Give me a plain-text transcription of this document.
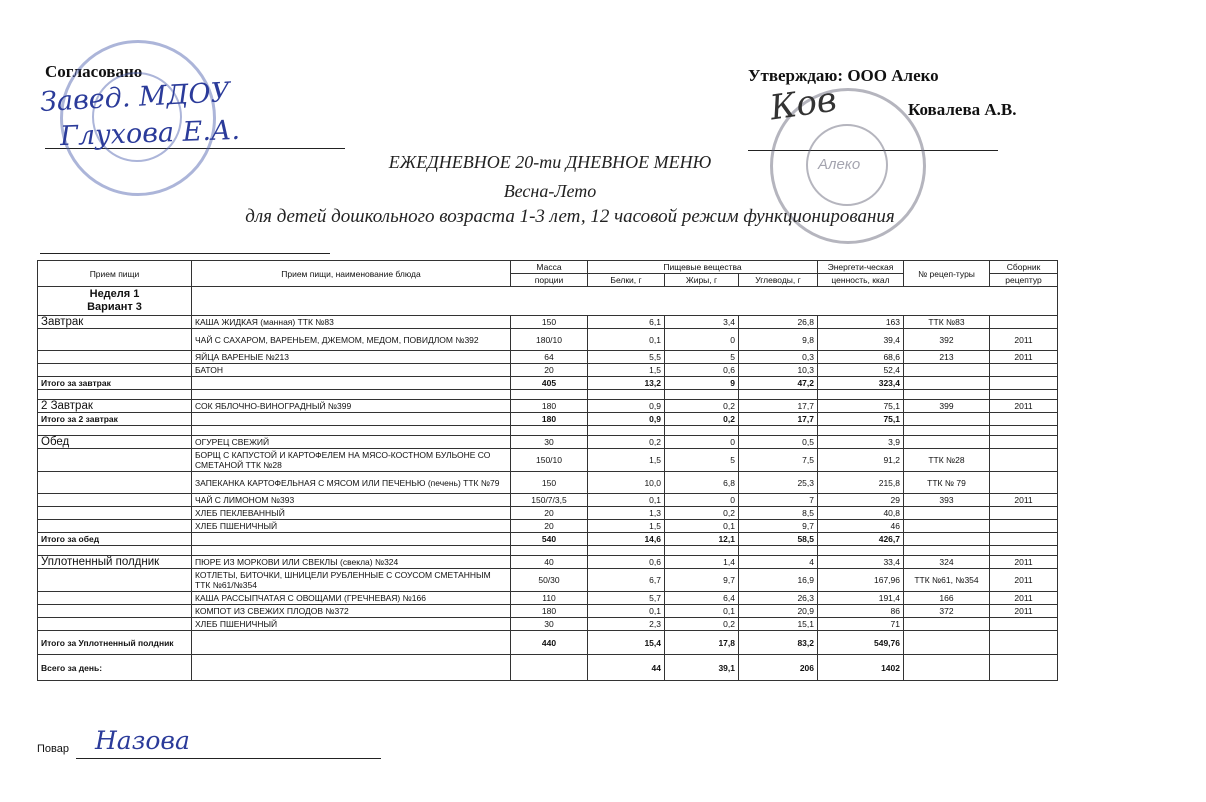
Согласовано	Утверждаю: ООО Алеко
Ковалева А.В.
Алеко
Завед. МДОУ
Глухова Е.А.
Ков
ЕЖЕДНЕВНОЕ 20-ти ДНЕВНОЕ МЕНЮ
Весна-Лето
для детей дошкольного возраста 1-3 лет, 12 часовой режим функционирования
Прием пищи	Прием пищи, наименование блюда	Масса	Пищевые вещества			Энергети-ческая	№ рецеп-туры	Сборник
		порции	Белки, г	Жиры, г	Углеводы, г	ценность, ккал		рецептур

Неделя 1
Вариант 3								

Завтрак	КАША ЖИДКАЯ (манная) ТТК №83	150	6,1	3,4	26,8	163	ТТК №83	
	ЧАЙ С САХАРОМ, ВАРЕНЬЕМ, ДЖЕМОМ, МЕДОМ, ПОВИДЛОМ №392	180/10	0,1	0	9,8	39,4	392	2011
	ЯЙЦА ВАРЕНЫЕ №213	64	5,5	5	0,3	68,6	213	2011
	БАТОН	20	1,5	0,6	10,3	52,4		
Итого за завтрак		405	13,2	9	47,2	323,4		

2 Завтрак	СОК ЯБЛОЧНО-ВИНОГРАДНЫЙ №399	180	0,9	0,2	17,7	75,1	399	2011
Итого за 2 завтрак		180	0,9	0,2	17,7	75,1		

Обед	ОГУРЕЦ СВЕЖИЙ	30	0,2	0	0,5	3,9		
	БОРЩ С КАПУСТОЙ И КАРТОФЕЛЕМ НА МЯСО-КОСТНОМ БУЛЬОНЕ СО СМЕТАНОЙ ТТК №28	150/10	1,5	5	7,5	91,2	ТТК №28	
	ЗАПЕКАНКА КАРТОФЕЛЬНАЯ С МЯСОМ ИЛИ ПЕЧЕНЬЮ (печень) ТТК №79	150	10,0	6,8	25,3	215,8	ТТК № 79	
	ЧАЙ С ЛИМОНОМ №393	150/7/3,5	0,1	0	7	29	393	2011
	ХЛЕБ ПЕКЛЕВАННЫЙ	20	1,3	0,2	8,5	40,8		
	ХЛЕБ ПШЕНИЧНЫЙ	20	1,5	0,1	9,7	46		
Итого за обед		540	14,6	12,1	58,5	426,7		

Уплотненный полдник	ПЮРЕ ИЗ МОРКОВИ ИЛИ СВЕКЛЫ (свекла) №324	40	0,6	1,4	4	33,4	324	2011
	КОТЛЕТЫ, БИТОЧКИ, ШНИЦЕЛИ РУБЛЕННЫЕ С СОУСОМ СМЕТАННЫМ ТТК №61/№354	50/30	6,7	9,7	16,9	167,96	ТТК №61, №354	2011
	КАША РАССЫПЧАТАЯ С ОВОЩАМИ (ГРЕЧНЕВАЯ) №166	110	5,7	6,4	26,3	191,4	166	2011
	КОМПОТ ИЗ СВЕЖИХ ПЛОДОВ №372	180	0,1	0,1	20,9	86	372	2011
	ХЛЕБ ПШЕНИЧНЫЙ	30	2,3	0,2	15,1	71		
Итого за Уплотненный полдник		440	15,4	17,8	83,2	549,76		
Всего за день:			44	39,1	206	1402		
Повар Назова
